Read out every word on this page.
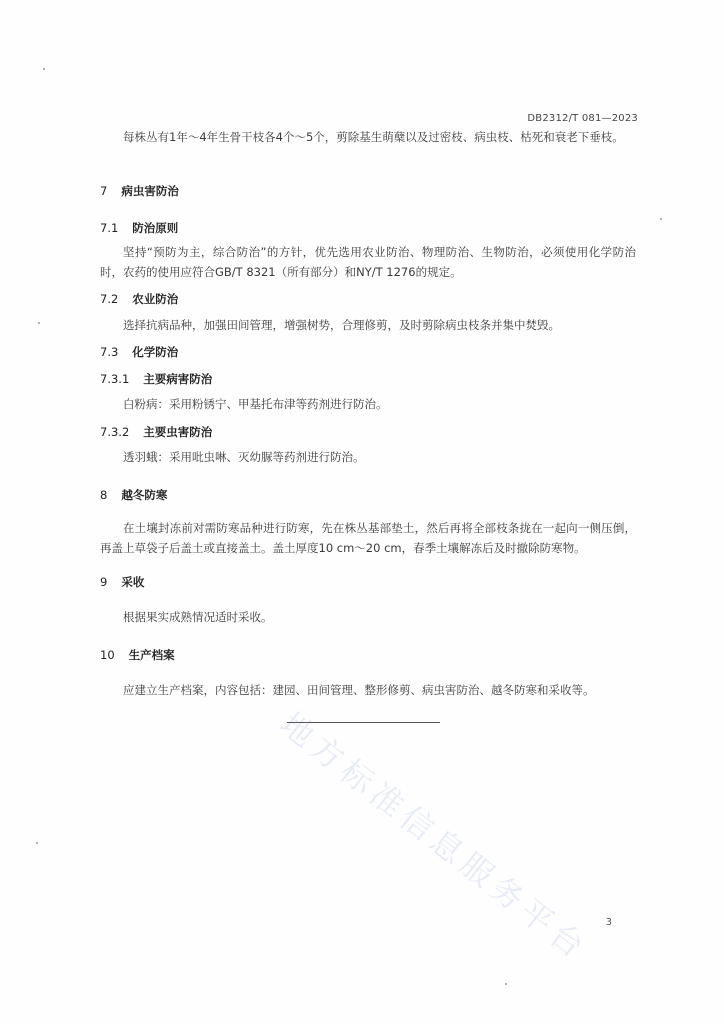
地方标准信息服务平台
DB2312/T 081—2023
每株丛有1年～4年生骨干枝各4个～5个，剪除基生萌蘖以及过密枝、病虫枝、枯死和衰老下垂枝。
7 病虫害防治
7.1 防治原则
坚持“预防为主，综合防治”的方针，优先选用农业防治、物理防治、生物防治，必须使用化学防治时，农药的使用应符合GB/T 8321（所有部分）和NY/T 1276的规定。
7.2 农业防治
选择抗病品种，加强田间管理，增强树势，合理修剪，及时剪除病虫枝条并集中焚毁。
7.3 化学防治
7.3.1 主要病害防治
白粉病：采用粉锈宁、甲基托布津等药剂进行防治。
7.3.2 主要虫害防治
透羽蛾：采用吡虫啉、灭幼脲等药剂进行防治。
8 越冬防寒
在土壤封冻前对需防寒品种进行防寒，先在株丛基部垫土，然后再将全部枝条拢在一起向一侧压倒，再盖上草袋子后盖土或直接盖土。盖土厚度10 cm～20 cm，春季土壤解冻后及时撤除防寒物。
9 采收
根据果实成熟情况适时采收。
10 生产档案
应建立生产档案，内容包括：建园、田间管理、整形修剪、病虫害防治、越冬防寒和采收等。
3
